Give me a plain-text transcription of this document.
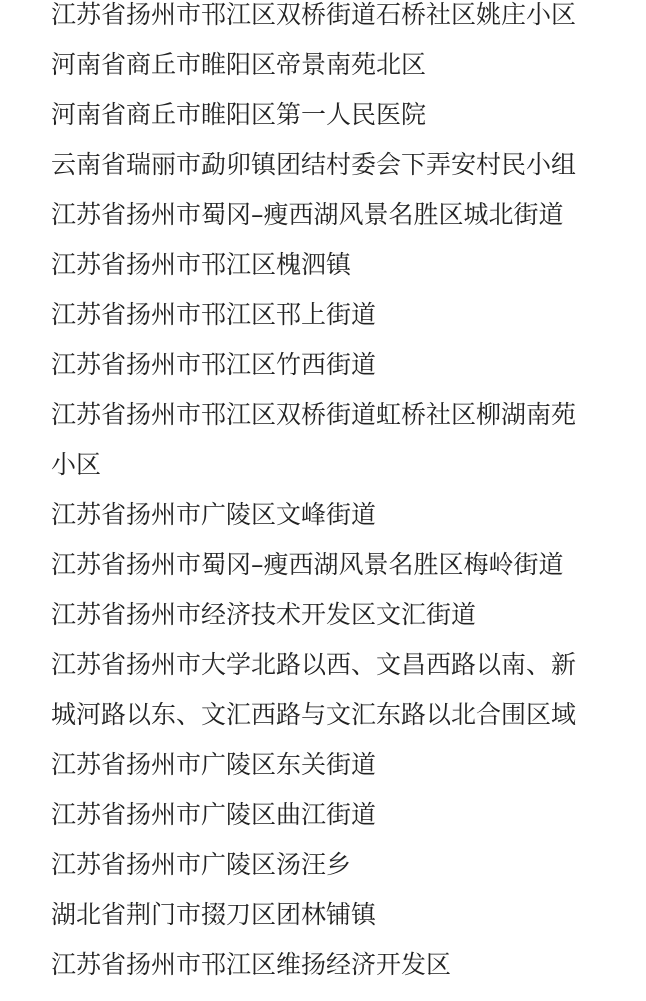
江苏省扬州市邗江区双桥街道石桥社区姚庄小区
河南省商丘市睢阳区帝景南苑北区
河南省商丘市睢阳区第一人民医院
云南省瑞丽市勐卯镇团结村委会下弄安村民小组
江苏省扬州市蜀冈–瘦西湖风景名胜区城北街道
江苏省扬州市邗江区槐泗镇
江苏省扬州市邗江区邗上街道
江苏省扬州市邗江区竹西街道
江苏省扬州市邗江区双桥街道虹桥社区柳湖南苑
小区
江苏省扬州市广陵区文峰街道
江苏省扬州市蜀冈–瘦西湖风景名胜区梅岭街道
江苏省扬州市经济技术开发区文汇街道
江苏省扬州市大学北路以西、文昌西路以南、新
城河路以东、文汇西路与文汇东路以北合围区域
江苏省扬州市广陵区东关街道
江苏省扬州市广陵区曲江街道
江苏省扬州市广陵区汤汪乡
湖北省荆门市掇刀区团林铺镇
江苏省扬州市邗江区维扬经济开发区
